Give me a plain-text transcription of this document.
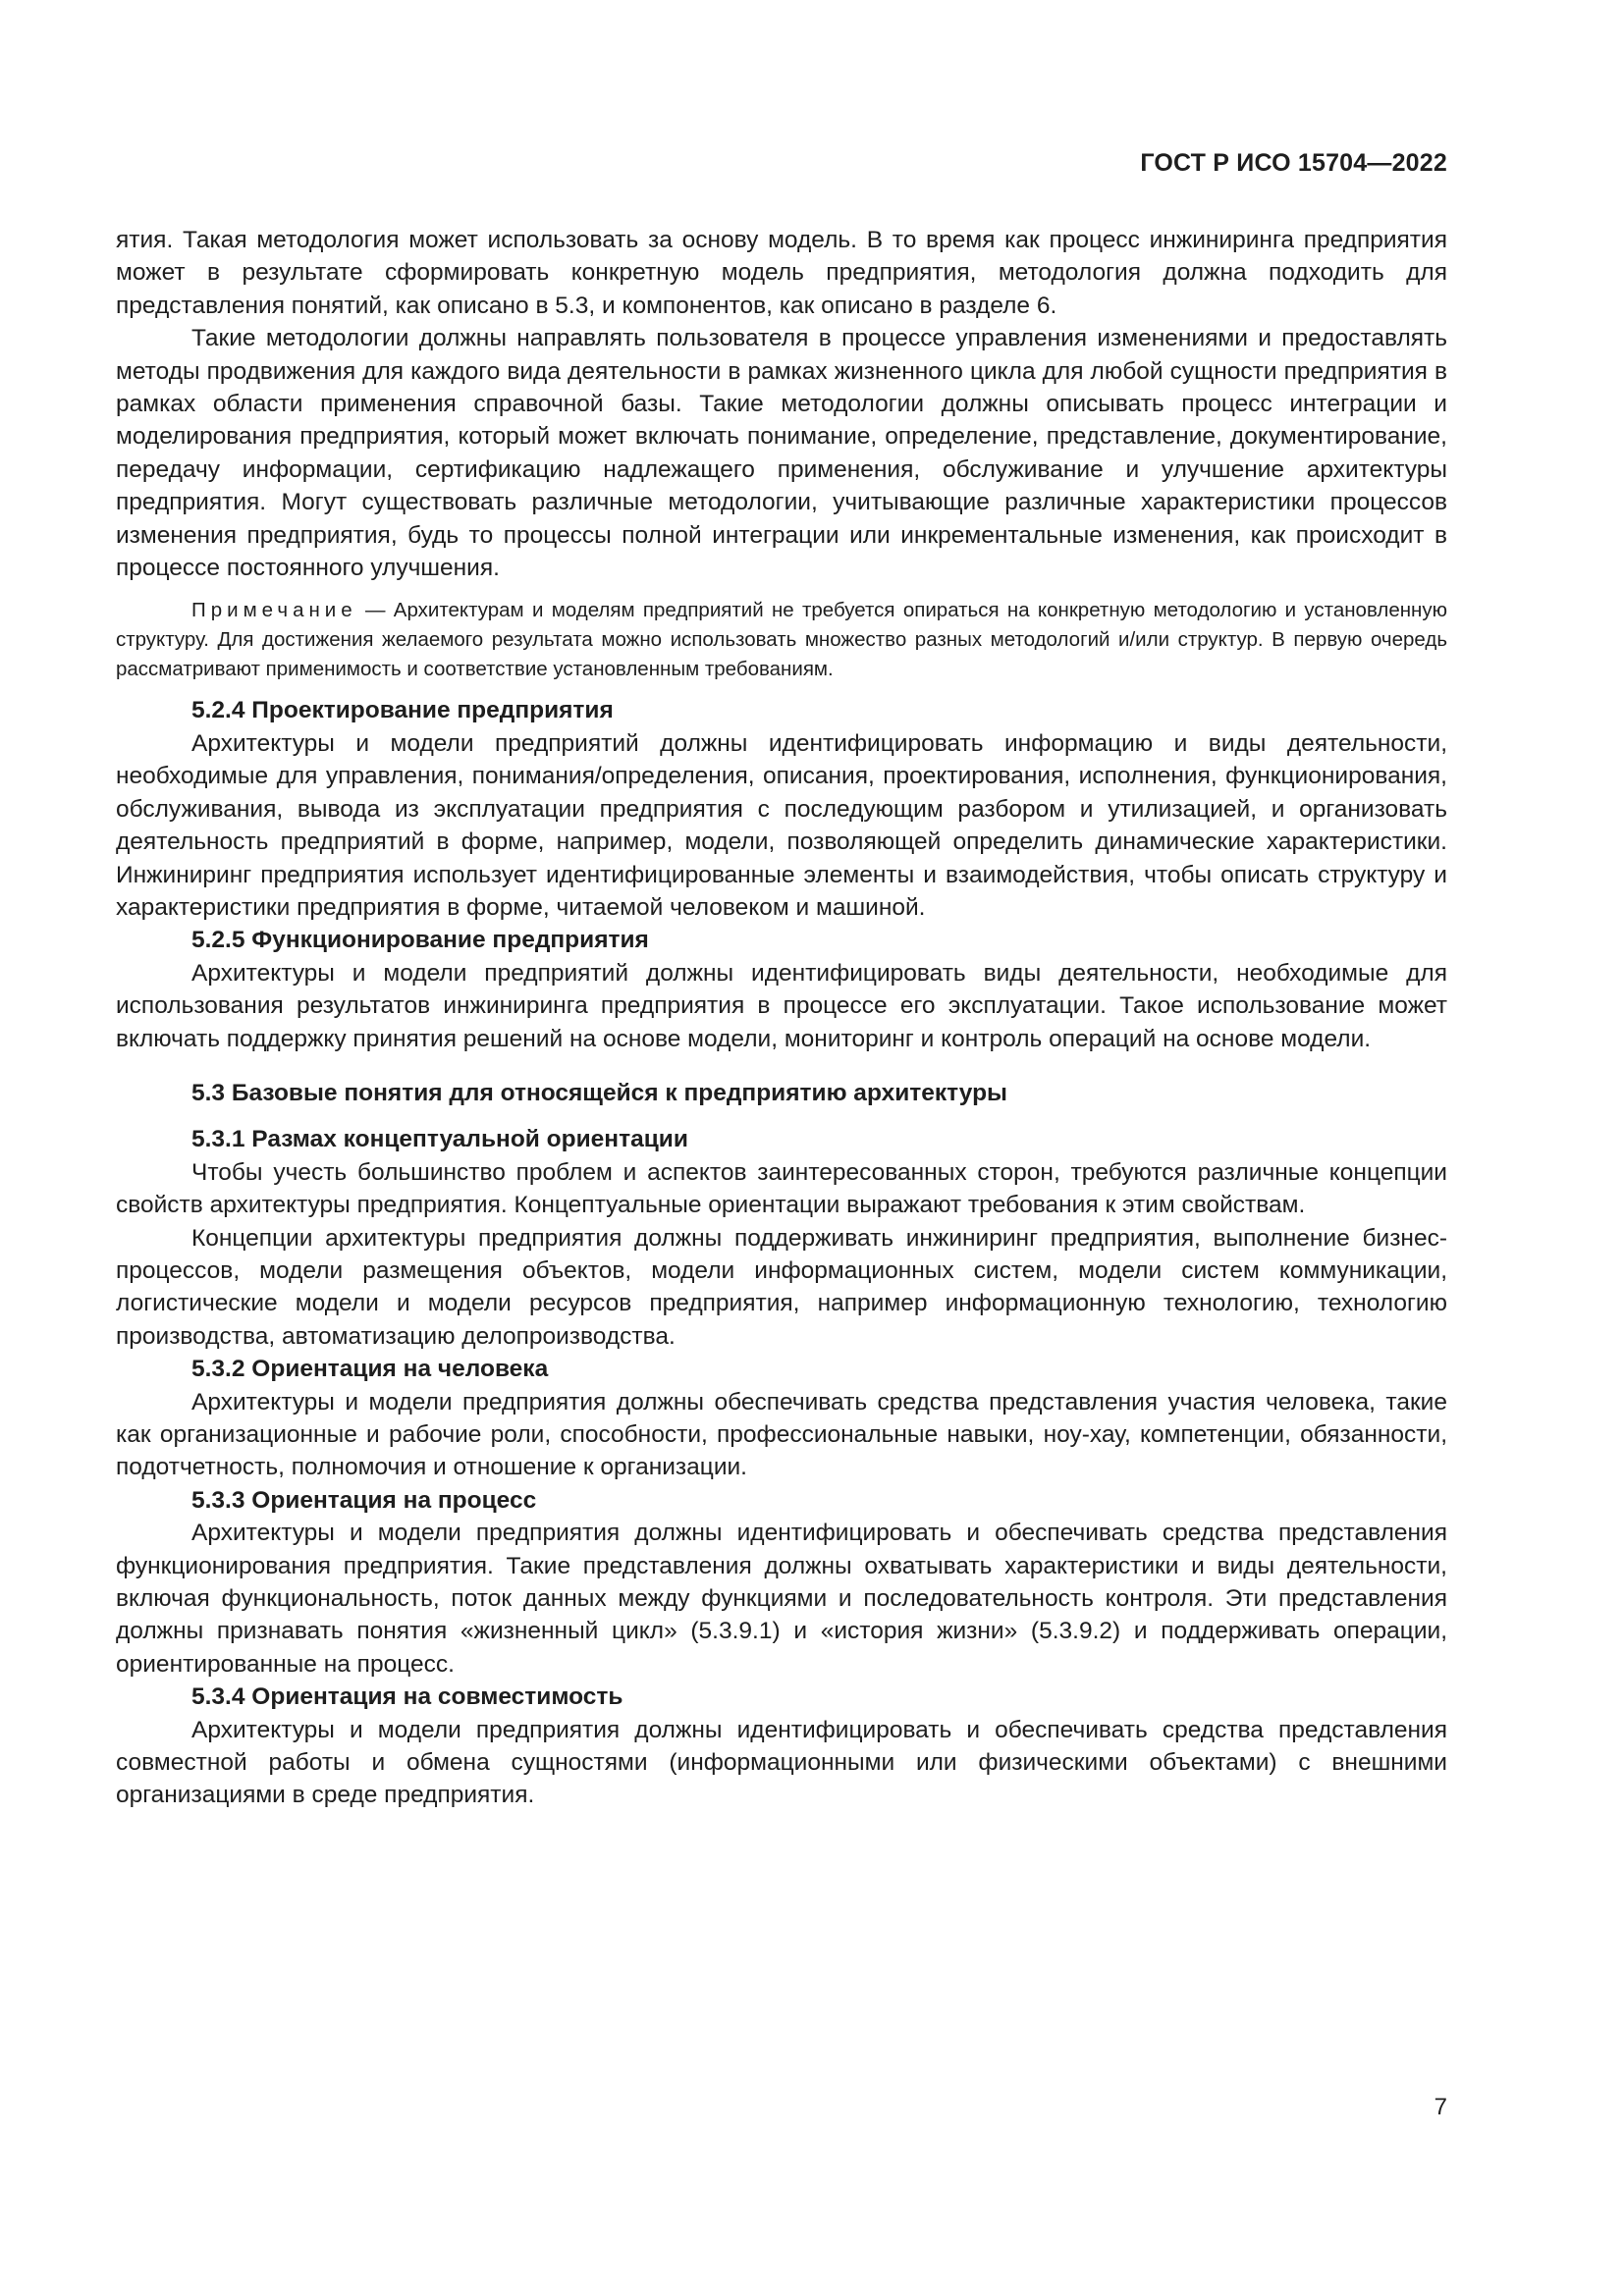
ГОСТ Р ИСО 15704—2022

ятия. Такая методология может использовать за основу модель. В то время как процесс инжиниринга предприятия может в результате сформировать конкретную модель предприятия, методология должна подходить для представления понятий, как описано в 5.3, и компонентов, как описано в разделе 6.

Такие методологии должны направлять пользователя в процессе управления изменениями и предоставлять методы продвижения для каждого вида деятельности в рамках жизненного цикла для любой сущности предприятия в рамках области применения справочной базы. Такие методологии должны описывать процесс интеграции и моделирования предприятия, который может включать понимание, определение, представление, документирование, передачу информации, сертификацию надлежащего применения, обслуживание и улучшение архитектуры предприятия. Могут существовать различные методологии, учитывающие различные характеристики процессов изменения предприятия, будь то процессы полной интеграции или инкрементальные изменения, как происходит в процессе постоянного улучшения.

Примечание — Архитектурам и моделям предприятий не требуется опираться на конкретную методологию и установленную структуру. Для достижения желаемого результата можно использовать множество разных методологий и/или структур. В первую очередь рассматривают применимость и соответствие установленным требованиям.

5.2.4 Проектирование предприятия

Архитектуры и модели предприятий должны идентифицировать информацию и виды деятельности, необходимые для управления, понимания/определения, описания, проектирования, исполнения, функционирования, обслуживания, вывода из эксплуатации предприятия с последующим разбором и утилизацией, и организовать деятельность предприятий в форме, например, модели, позволяющей определить динамические характеристики. Инжиниринг предприятия использует идентифицированные элементы и взаимодействия, чтобы описать структуру и характеристики предприятия в форме, читаемой человеком и машиной.

5.2.5 Функционирование предприятия

Архитектуры и модели предприятий должны идентифицировать виды деятельности, необходимые для использования результатов инжиниринга предприятия в процессе его эксплуатации. Такое использование может включать поддержку принятия решений на основе модели, мониторинг и контроль операций на основе модели.

5.3 Базовые понятия для относящейся к предприятию архитектуры
5.3.1 Размах концептуальной ориентации

Чтобы учесть большинство проблем и аспектов заинтересованных сторон, требуются различные концепции свойств архитектуры предприятия. Концептуальные ориентации выражают требования к этим свойствам.

Концепции архитектуры предприятия должны поддерживать инжиниринг предприятия, выполнение бизнес-процессов, модели размещения объектов, модели информационных систем, модели систем коммуникации, логистические модели и модели ресурсов предприятия, например информационную технологию, технологию производства, автоматизацию делопроизводства.

5.3.2 Ориентация на человека

Архитектуры и модели предприятия должны обеспечивать средства представления участия человека, такие как организационные и рабочие роли, способности, профессиональные навыки, ноу-хау, компетенции, обязанности, подотчетность, полномочия и отношение к организации.

5.3.3 Ориентация на процесс

Архитектуры и модели предприятия должны идентифицировать и обеспечивать средства представления функционирования предприятия. Такие представления должны охватывать характеристики и виды деятельности, включая функциональность, поток данных между функциями и последовательность контроля. Эти представления должны признавать понятия «жизненный цикл» (5.3.9.1) и «история жизни» (5.3.9.2) и поддерживать операции, ориентированные на процесс.

5.3.4 Ориентация на совместимость

Архитектуры и модели предприятия должны идентифицировать и обеспечивать средства представления совместной работы и обмена сущностями (информационными или физическими объектами) с внешними организациями в среде предприятия.

7
